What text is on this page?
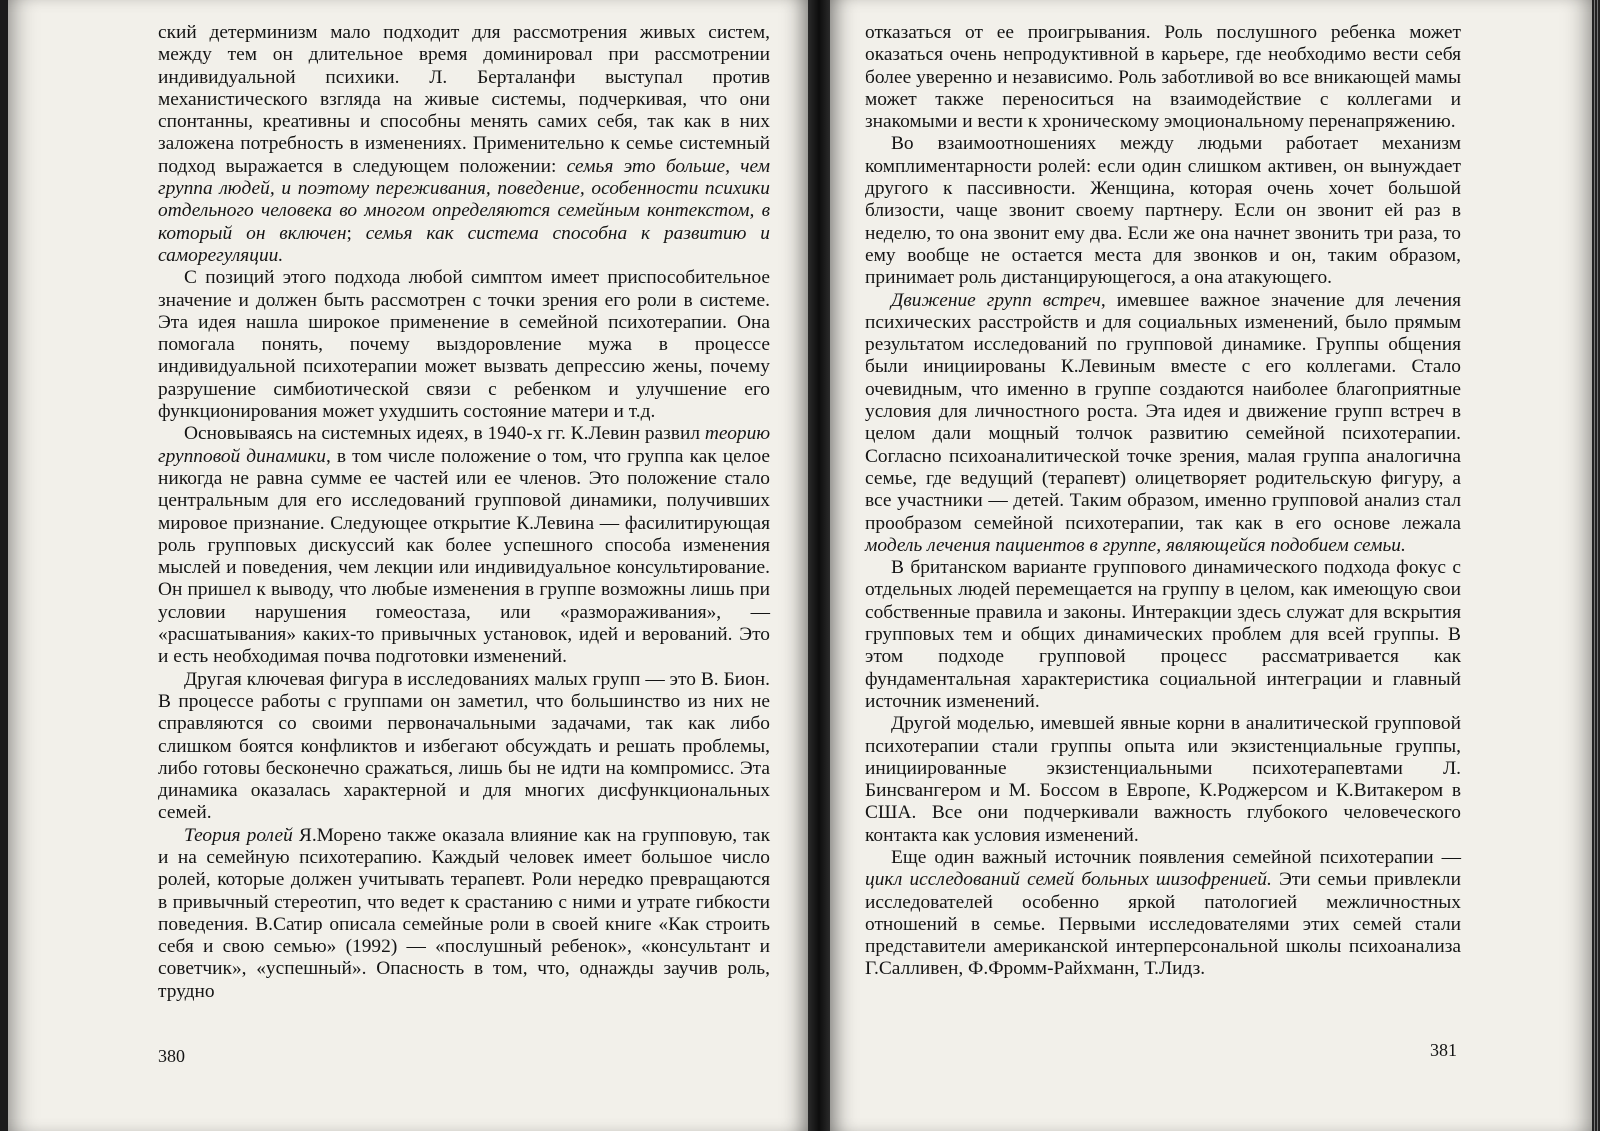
ский детерминизм мало подходит для рассмотрения живых систем, между тем он длительное время доминировал при рассмотрении индивидуальной психики. Л. Берталанфи выступал против механистического взгляда на живые системы, подчеркивая, что они спонтанны, креативны и способны менять самих себя, так как в них заложена потребность в изменениях. Применительно к семье системный подход выражается в следующем положении: семья это больше, чем группа людей, и поэтому переживания, поведение, особенности психики отдельного человека во многом определяются семейным контекстом, в который он включен; семья как система способна к развитию и саморегуляции.

С позиций этого подхода любой симптом имеет приспособительное значение и должен быть рассмотрен с точки зрения его роли в системе. Эта идея нашла широкое применение в семейной психотерапии. Она помогала понять, почему выздоровление мужа в процессе индивидуальной психотерапии может вызвать депрессию жены, почему разрушение симбиотической связи с ребенком и улучшение его функционирования может ухудшить состояние матери и т.д.

Основываясь на системных идеях, в 1940-х гг. К.Левин развил теорию групповой динамики, в том числе положение о том, что группа как целое никогда не равна сумме ее частей или ее членов. Это положение стало центральным для его исследований групповой динамики, получивших мировое признание. Следующее открытие К.Левина — фасилитирующая роль групповых дискуссий как более успешного способа изменения мыслей и поведения, чем лекции или индивидуальное консультирование. Он пришел к выводу, что любые изменения в группе возможны лишь при условии нарушения гомеостаза, или «размораживания», — «расшатывания» каких-то привычных установок, идей и верований. Это и есть необходимая почва подготовки изменений.

Другая ключевая фигура в исследованиях малых групп — это В. Бион. В процессе работы с группами он заметил, что большинство из них не справляются со своими первоначальными задачами, так как либо слишком боятся конфликтов и избегают обсуждать и решать проблемы, либо готовы бесконечно сражаться, лишь бы не идти на компромисс. Эта динамика оказалась характерной и для многих дисфункциональных семей.

Теория ролей Я.Морено также оказала влияние как на групповую, так и на семейную психотерапию. Каждый человек имеет большое число ролей, которые должен учитывать терапевт. Роли нередко превращаются в привычный стереотип, что ведет к срастанию с ними и утрате гибкости поведения. В.Сатир описала семейные роли в своей книге «Как строить себя и свою семью» (1992) — «послушный ребенок», «консультант и советчик», «успешный». Опасность в том, что, однажды заучив роль, трудно

380

отказаться от ее проигрывания. Роль послушного ребенка может оказаться очень непродуктивной в карьере, где необходимо вести себя более уверенно и независимо. Роль заботливой во все вникающей мамы может также переноситься на взаимодействие с коллегами и знакомыми и вести к хроническому эмоциональному перенапряжению.

Во взаимоотношениях между людьми работает механизм комплиментарности ролей: если один слишком активен, он вынуждает другого к пассивности. Женщина, которая очень хочет большой близости, чаще звонит своему партнеру. Если он звонит ей раз в неделю, то она звонит ему два. Если же она начнет звонить три раза, то ему вообще не остается места для звонков и он, таким образом, принимает роль дистанцирующегося, а она атакующего.

Движение групп встреч, имевшее важное значение для лечения психических расстройств и для социальных изменений, было прямым результатом исследований по групповой динамике. Группы общения были инициированы К.Левиным вместе с его коллегами. Стало очевидным, что именно в группе создаются наиболее благоприятные условия для личностного роста. Эта идея и движение групп встреч в целом дали мощный толчок развитию семейной психотерапии. Согласно психоаналитической точке зрения, малая группа аналогична семье, где ведущий (терапевт) олицетворяет родительскую фигуру, а все участники — детей. Таким образом, именно групповой анализ стал прообразом семейной психотерапии, так как в его основе лежала модель лечения пациентов в группе, являющейся подобием семьи.

В британском варианте группового динамического подхода фокус с отдельных людей перемещается на группу в целом, как имеющую свои собственные правила и законы. Интеракции здесь служат для вскрытия групповых тем и общих динамических проблем для всей группы. В этом подходе групповой процесс рассматривается как фундаментальная характеристика социальной интеграции и главный источник изменений.

Другой моделью, имевшей явные корни в аналитической групповой психотерапии стали группы опыта или экзистенциальные группы, инициированные экзистенциальными психотерапевтами Л. Бинсвангером и М. Боссом в Европе, К.Роджерсом и К.Витакером в США. Все они подчеркивали важность глубокого человеческого контакта как условия изменений.

Еще один важный источник появления семейной психотерапии — цикл исследований семей больных шизофренией. Эти семьи привлекли исследователей особенно яркой патологией межличностных отношений в семье. Первыми исследователями этих семей стали представители американской интерперсональной школы психоанализа Г.Салливен, Ф.Фромм-Райхманн, Т.Лидз.

381
